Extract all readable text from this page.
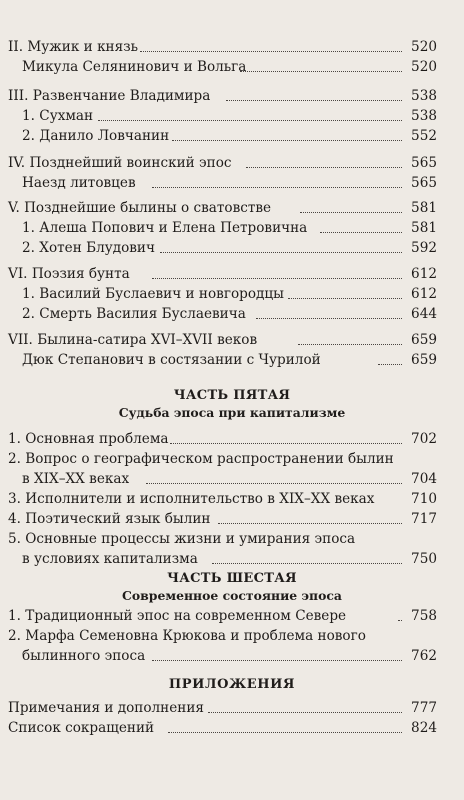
II. Мужик и князь	520
Микула Селянинович и Вольга	520
III. Развенчание Владимира	538
1. Сухман	538
2. Данило Ловчанин	552
IV. Позднейший воинский эпос	565
Наезд литовцев	565
V. Позднейшие былины о сватовстве	581
1. Алеша Попович и Елена Петровична	581
2. Хотен Блудович	592
VI. Поэзия бунта	612
1. Василий Буслаевич и новгородцы	612
2. Смерть Василия Буслаевича	644
VII. Былина-сатира XVI–XVII веков	659
Дюк Степанович в состязании с Чурилой	659
ЧАСТЬ ПЯТАЯ
Судьба эпоса при капитализме
1. Основная проблема	702
2. Вопрос о географическом распространении былин
в XIX–XX веках	704
3. Исполнители и исполнительство в XIX–XX веках	710
4. Поэтический язык былин	717
5. Основные процессы жизни и умирания эпоса
в условиях капитализма	750
ЧАСТЬ ШЕСТАЯ
Современное состояние эпоса
1. Традиционный эпос на современном Севере	758
2. Марфа Семеновна Крюкова и проблема нового
былинного эпоса	762
ПРИЛОЖЕНИЯ
Примечания и дополнения	777
Список сокращений	824
